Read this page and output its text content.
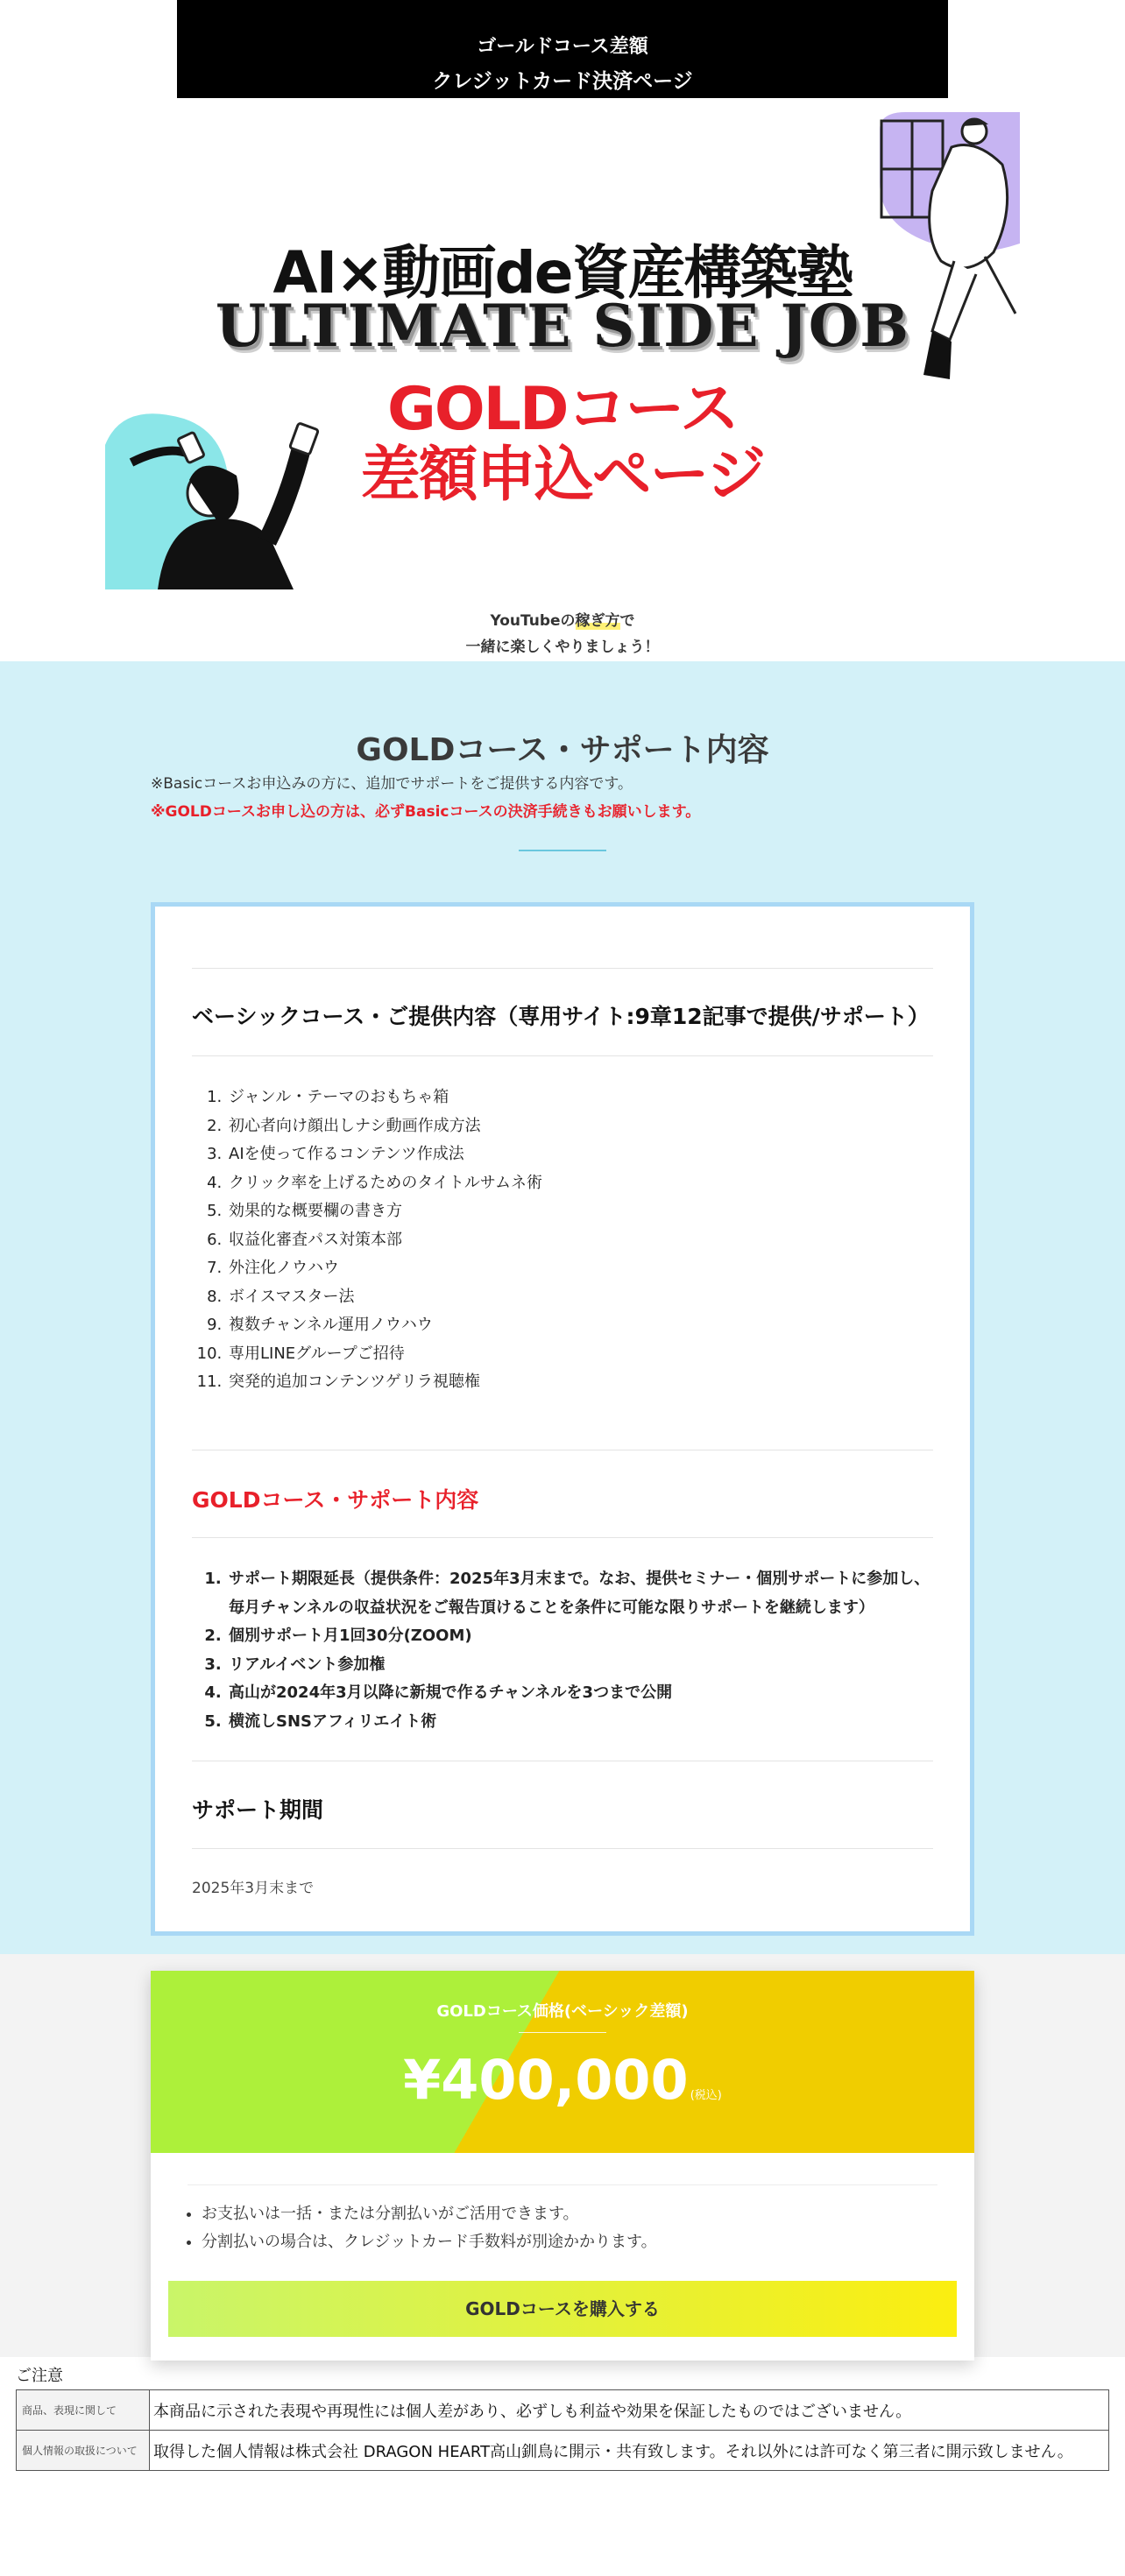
ゴールドコース差額
クレジットカード決済ページ
AI×動画de資産構築塾
ULTIMATE SIDE JOB
GOLDコース
差額申込ページ
YouTubeの稼ぎ方で
一緒に楽しくやりましょう！
GOLDコース・サポート内容
※Basicコースお申込みの方に、追加でサポートをご提供する内容です。
※GOLDコースお申し込の方は、必ずBasicコースの決済手続きもお願いします。
ベーシックコース・ご提供内容（専用サイト:9章12記事で提供/サポート）
1. ジャンル・テーマのおもちゃ箱
2. 初心者向け顔出しナシ動画作成方法
3. AIを使って作るコンテンツ作成法
4. クリック率を上げるためのタイトルサムネ術
5. 効果的な概要欄の書き方
6. 収益化審査パス対策本部
7. 外注化ノウハウ
8. ボイスマスター法
9. 複数チャンネル運用ノウハウ
10. 専用LINEグループご招待
11. 突発的追加コンテンツゲリラ視聴権
GOLDコース・サポート内容
1. サポート期限延長（提供条件：2025年3月末まで。なお、提供セミナー・個別サポートに参加し、毎月チャンネルの収益状況をご報告頂けることを条件に可能な限りサポートを継続します）
2. 個別サポート月1回30分(ZOOM)
3. リアルイベント参加権
4. 高山が2024年3月以降に新規で作るチャンネルを3つまで公開
5. 横流しSNSアフィリエイト術
サポート期間
2025年3月末まで
GOLDコース価格(ベーシック差額)
¥400,000 (税込)
• お支払いは一括・または分割払いがご活用できます。
• 分割払いの場合は、クレジットカード手数料が別途かかります。
GOLDコースを購入する
ご注意
商品、表現に関して	本商品に示された表現や再現性には個人差があり、必ずしも利益や効果を保証したものではございません。
個人情報の取扱について	取得した個人情報は株式会社 DRAGON HEART高山釧鳥に開示・共有致します。それ以外には許可なく第三者に開示致しません。
